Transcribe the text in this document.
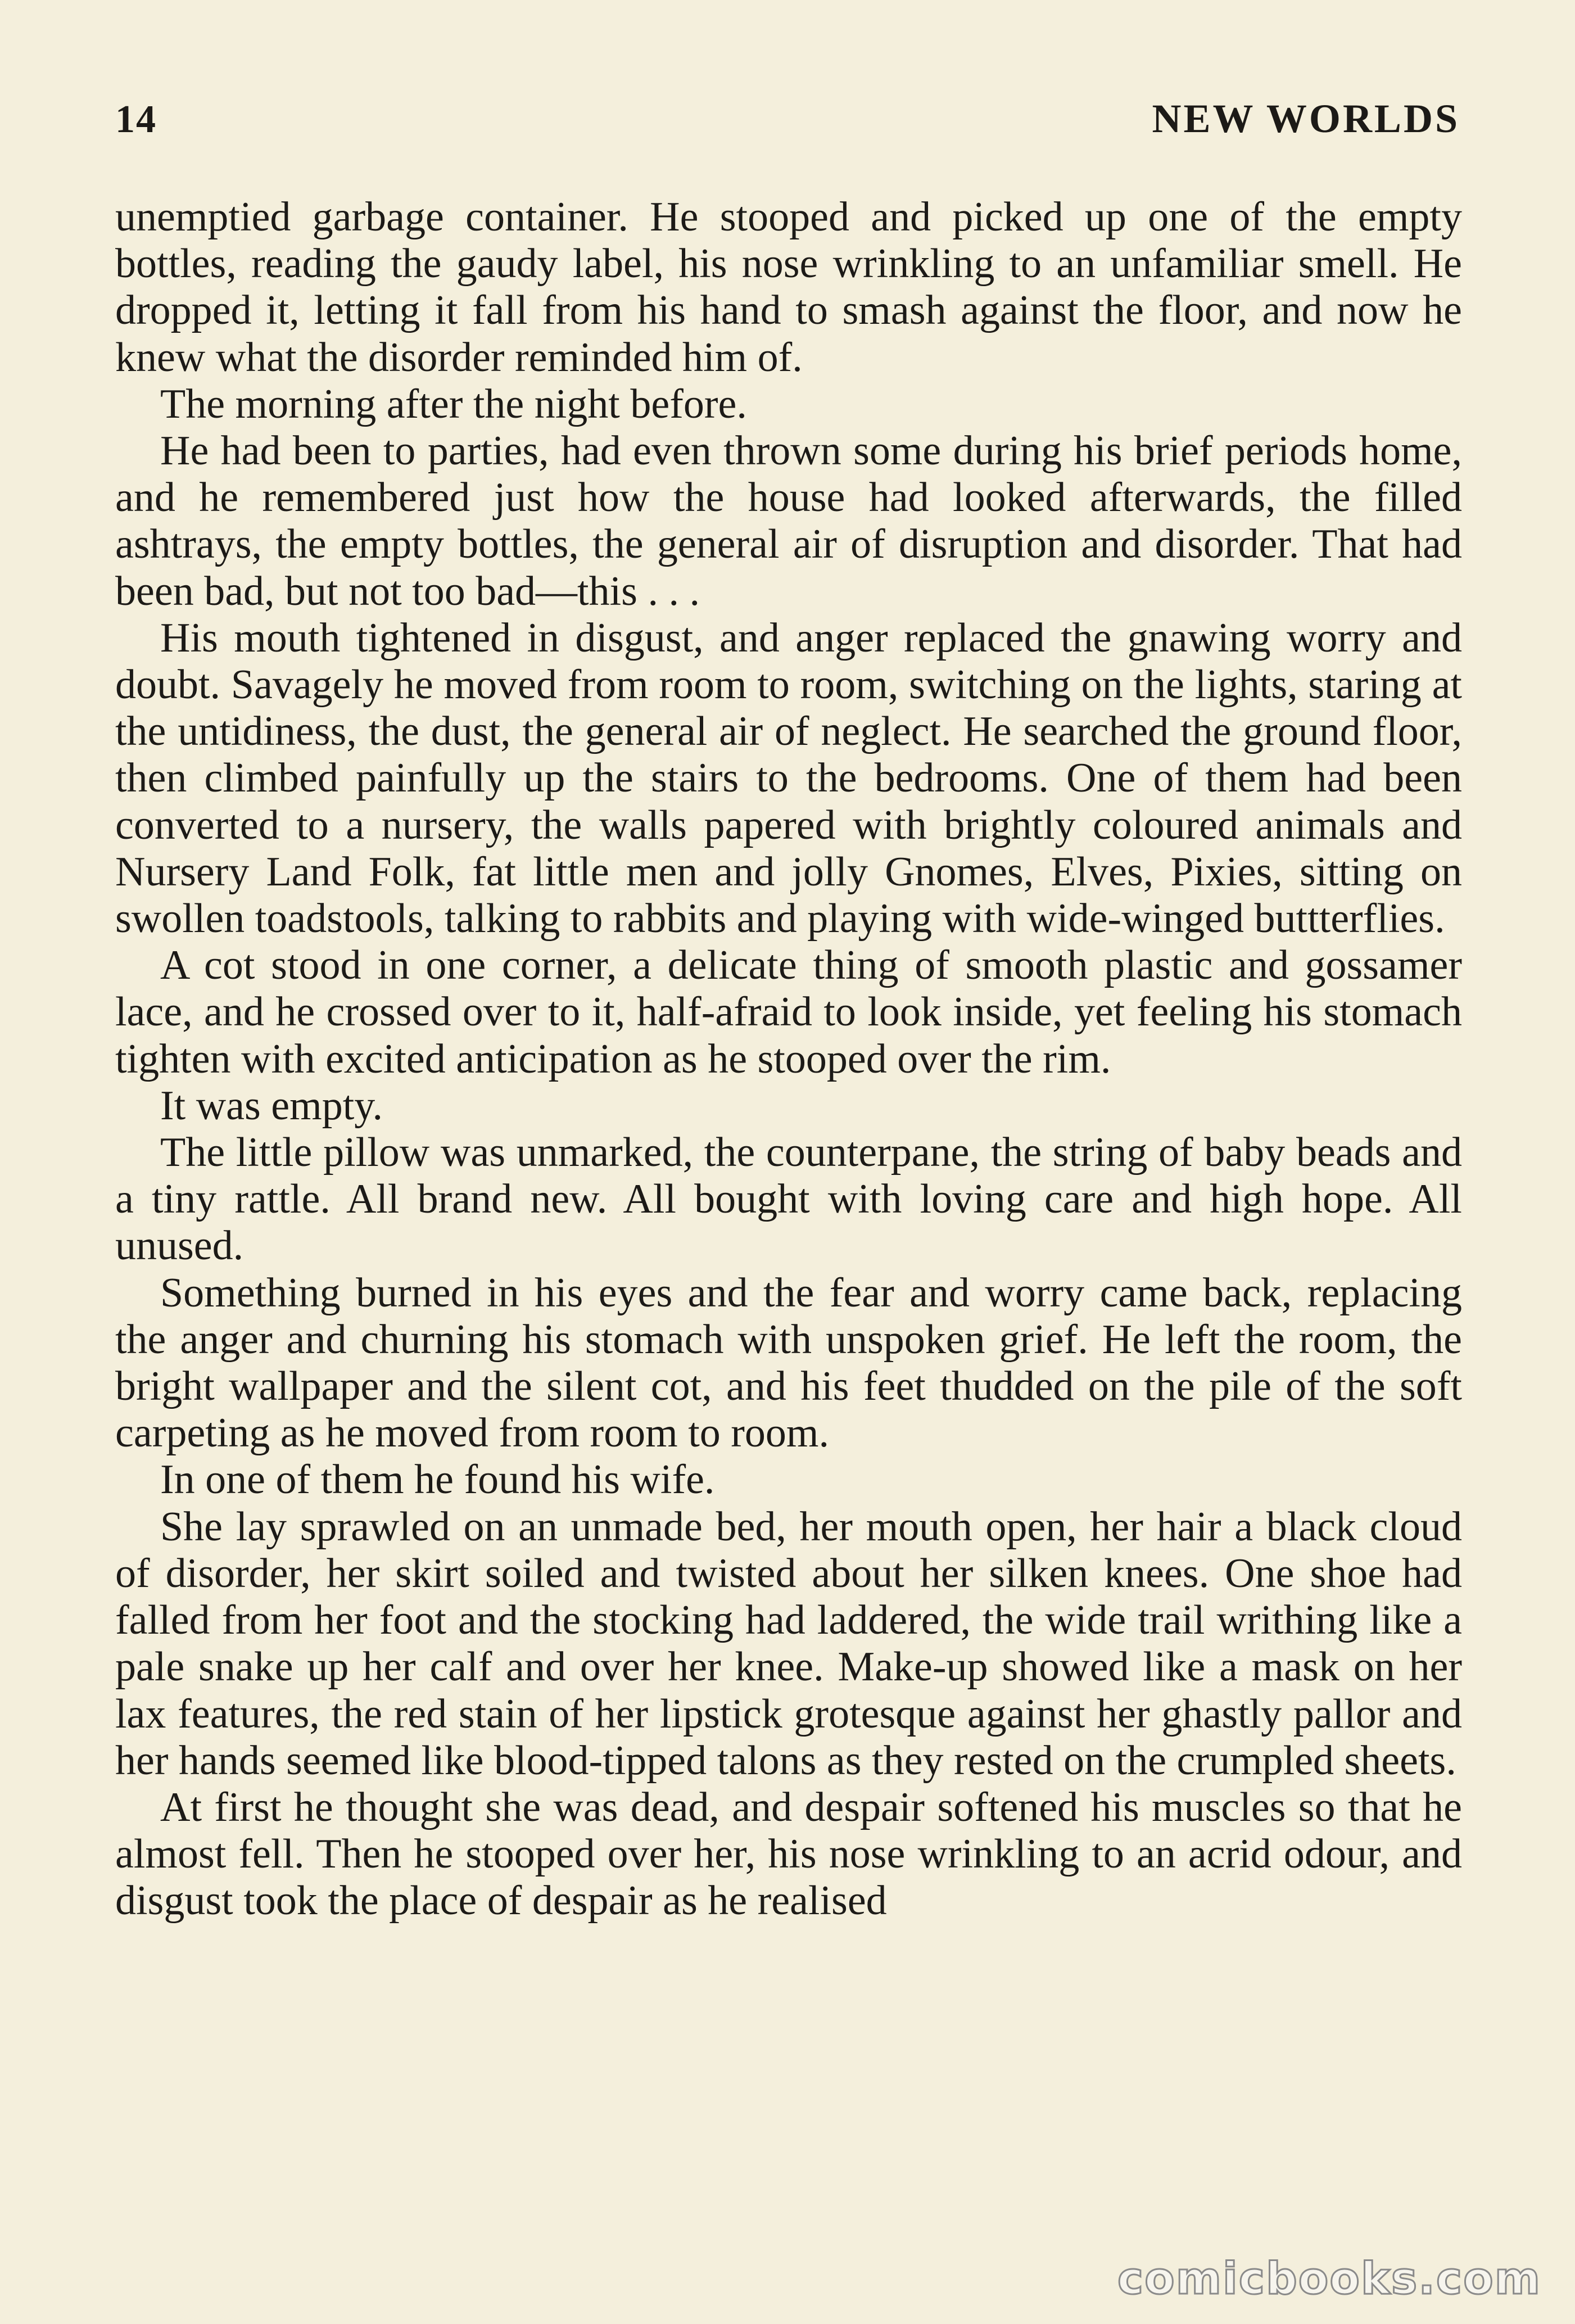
14	NEW WORLDS

unemptied garbage container. He stooped and picked up one of the empty bottles, reading the gaudy label, his nose wrinkling to an unfamiliar smell. He dropped it, letting it fall from his hand to smash against the floor, and now he knew what the disorder reminded him of.

The morning after the night before.

He had been to parties, had even thrown some during his brief periods home, and he remembered just how the house had looked afterwards, the filled ashtrays, the empty bottles, the general air of disruption and disorder. That had been bad, but not too bad—this . . .

His mouth tightened in disgust, and anger replaced the gnawing worry and doubt. Savagely he moved from room to room, switching on the lights, staring at the untidiness, the dust, the general air of neglect. He searched the ground floor, then climbed painfully up the stairs to the bedrooms. One of them had been converted to a nursery, the walls papered with brightly coloured animals and Nursery Land Folk, fat little men and jolly Gnomes, Elves, Pixies, sitting on swollen toadstools, talking to rabbits and playing with wide-winged buttterflies.

A cot stood in one corner, a delicate thing of smooth plastic and gossamer lace, and he crossed over to it, half-afraid to look inside, yet feeling his stomach tighten with excited anticipation as he stooped over the rim.

It was empty.

The little pillow was unmarked, the counterpane, the string of baby beads and a tiny rattle. All brand new. All bought with loving care and high hope. All unused.

Something burned in his eyes and the fear and worry came back, replacing the anger and churning his stomach with unspoken grief. He left the room, the bright wallpaper and the silent cot, and his feet thudded on the pile of the soft carpeting as he moved from room to room.

In one of them he found his wife.

She lay sprawled on an unmade bed, her mouth open, her hair a black cloud of disorder, her skirt soiled and twisted about her silken knees. One shoe had falled from her foot and the stocking had laddered, the wide trail writhing like a pale snake up her calf and over her knee. Make-up showed like a mask on her lax features, the red stain of her lipstick grotesque against her ghastly pallor and her hands seemed like blood-tipped talons as they rested on the crumpled sheets.

At first he thought she was dead, and despair softened his muscles so that he almost fell. Then he stooped over her, his nose wrinkling to an acrid odour, and disgust took the place of despair as he realised

comicbooks.com
